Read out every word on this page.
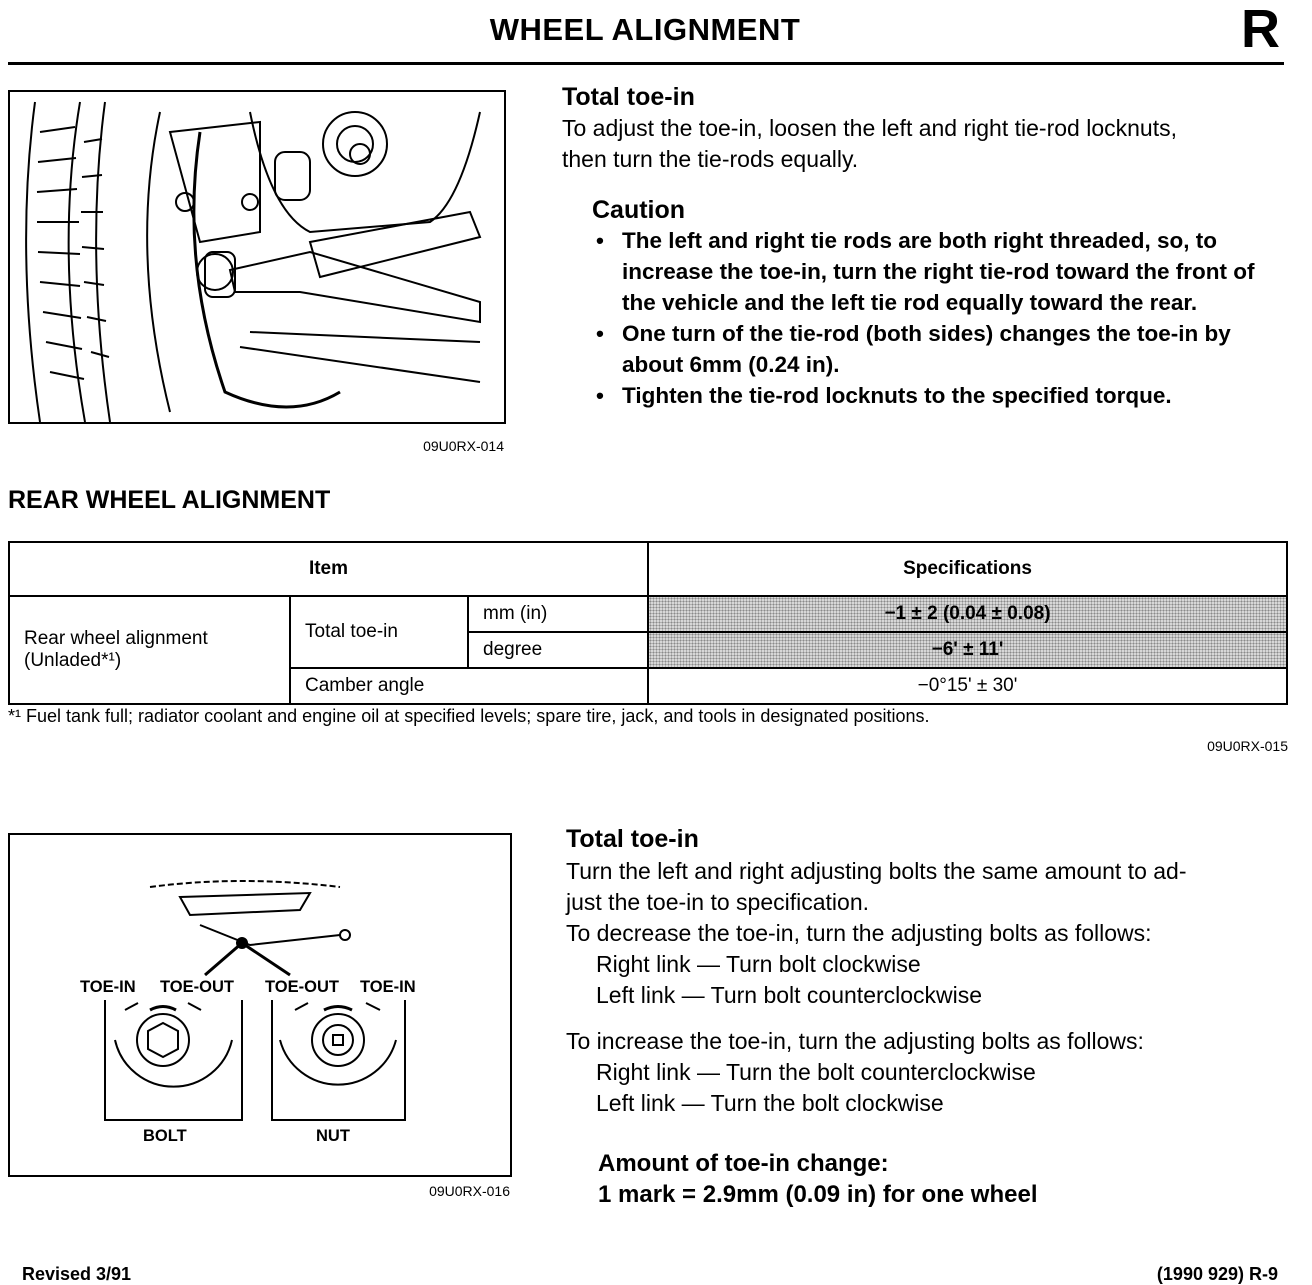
WHEEL ALIGNMENT	R
09U0RX-014
Total toe-in
To adjust the toe-in, loosen the left and right tie-rod locknuts,
then turn the tie-rods equally.
Caution
• The left and right tie rods are both right threaded, so, to increase the toe-in, turn the right tie-rod toward the front of the vehicle and the left tie rod equally toward the rear.
• One turn of the tie-rod (both sides) changes the toe-in by about 6mm (0.24 in).
• Tighten the tie-rod locknuts to the specified torque.
REAR WHEEL ALIGNMENT
Item			Specifications

Rear wheel alignment
(Unladed*¹)	Total toe-in	mm (in)	−1 ± 2 (0.04 ± 0.08)
		degree	−6' ± 11'
	Camber angle		−0°15' ± 30'
*¹ Fuel tank full; radiator coolant and engine oil at specified levels; spare tire, jack, and tools in designated positions.
09U0RX-015
TOE-IN TOE-OUT TOE-OUT TOE-IN
BOLT	NUT
09U0RX-016
Total toe-in
Turn the left and right adjusting bolts the same amount to ad-
just the toe-in to specification.
To decrease the toe-in, turn the adjusting bolts as follows:
Right link — Turn bolt clockwise
Left link — Turn bolt counterclockwise
To increase the toe-in, turn the adjusting bolts as follows:
Right link — Turn the bolt counterclockwise
Left link — Turn the bolt clockwise
Amount of toe-in change:
1 mark = 2.9mm (0.09 in) for one wheel
Revised 3/91	(1990 929) R-9
